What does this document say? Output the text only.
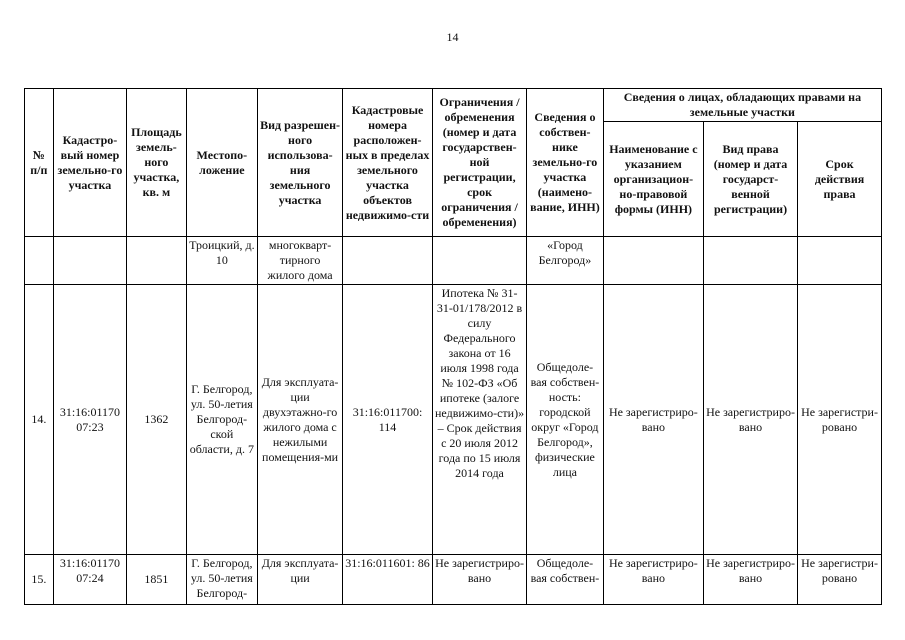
14
№ п/п	Кадастро-вый номер земельно-го участка	Площадь земель-ного участка, кв. м	Местопо-ложение	Вид разрешен-ного использова-ния земельного участка	Кадастровые номера расположен-ных в пределах земельного участка объектов недвижимо-сти	Ограничения / обременения (номер и дата государствен-ной регистрации, срок ограничения / обременения)	Сведения о собствен-нике земельно-го участка (наимено-вание, ИНН)	Сведения о лицах, обладающих правами на земельные участки		
								Наименование с указанием организацион-но-правовой формы (ИНН)	Вид права (номер и дата государст-венной регистрации)	Срок действия права
			Троицкий, д. 10	многокварт-тирного жилого дома			«Город Белгород»			
14.	31:16:01170 07:23	1362	Г. Белгород, ул. 50-летия Белгород-ской области, д. 7	Для эксплуата-ции двухэтажно-го жилого дома с нежилыми помещения-ми	31:16:011700: 114	Ипотека № 31-31-01/178/2012 в силу Федерального закона от 16 июля 1998 года № 102-ФЗ «Об ипотеке (залоге недвижимо-сти)» – Срок действия с 20 июля 2012 года по 15 июля 2014 года	Общедоле-вая собствен-ность: городской округ «Город Белгород», физические лица	Не зарегистриро-вано	Не зарегистриро-вано	Не зарегистри-ровано
15.	31:16:01170 07:24	1851	Г. Белгород, ул. 50-летия Белгород-	Для эксплуата-ции	31:16:011601: 86	Не зарегистриро-вано	Общедоле-вая собствен-	Не зарегистриро-вано	Не зарегистриро-вано	Не зарегистри-ровано
